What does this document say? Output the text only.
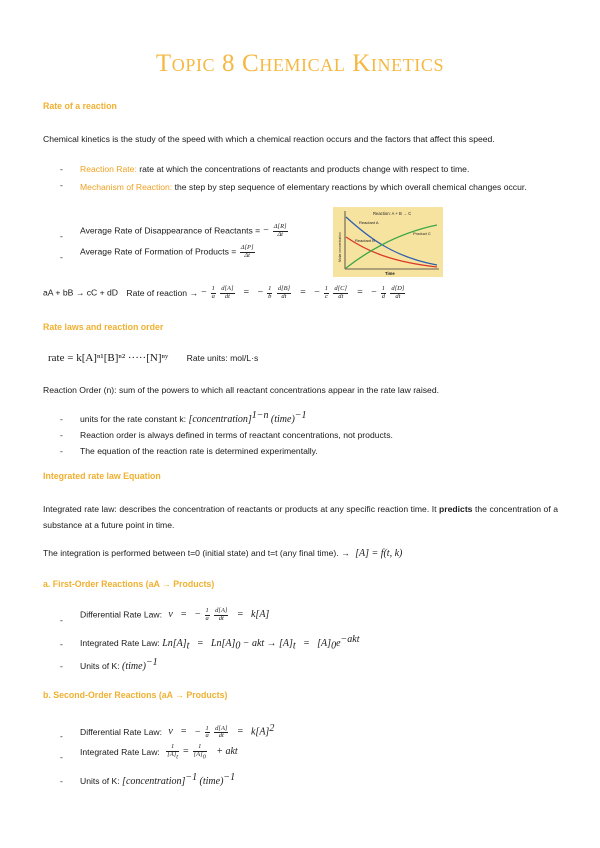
Topic 8 Chemical Kinetics
Rate of a reaction
Chemical kinetics is the study of the speed with which a chemical reaction occurs and the factors that affect this speed.
- Reaction Rate: rate at which the concentrations of reactants and products change with respect to time.
- Mechanism of Reaction: the step by step sequence of elementary reactions by which overall chemical changes occur.
-
Average Rate of Disappearance of Reactants = − $\frac{\Delta[R]}{\Delta t}$
-
Average Rate of Formation of Products = $\frac{\Delta[P]}{\Delta t}$
Reaction: A + B → C
Reactant A
Reactant B
Product C
Time
Molar concentration
aA + bB → cC + dD Rate of reaction → − $\frac{1}{a}$
$\frac{d[A]}{dt}$ = − $\frac{1}{b}$
$\frac{d[B]}{dt}$ = − $\frac{1}{c}$
$\frac{d[C]}{dt}$ = − $\frac{1}{d}$
$\frac{d[D]}{dt}$
Rate laws and reaction order
rate = k[A]ⁿ¹[B]ⁿ² ·····[N]ⁿʸ Rate units: mol/L·s
Reaction Order (n): sum of the powers to which all reactant concentrations appear in the rate law raised.
- units for the rate constant k: [concentration]$^{1-n}$ (time)$^{-1}$
- Reaction order is always defined in terms of reactant concentrations, not products.
- The equation of the reaction rate is determined experimentally.
Integrated rate law Equation
Integrated rate law: describes the concentration of reactants or products at any specific reaction time. It predicts the concentration of a substance at a future point in time.
The integration is performed between t=0 (initial state) and t=t (any final time). → [A] = f(t, k)
a. First-Order Reactions (aA → Products)
-
Differential Rate Law: v = − $\frac{1}{a}$
$\frac{d[A]}{dt} = k[A]$
- Integrated Rate Law: $Ln[A]_t = Ln[A]_0$ − akt → $[A]_t = [A]_0e^{-akt}$
- Units of K: (time)$^{-1}$
b. Second-Order Reactions (aA → Products)
- Differential Rate Law: v = − $\frac{1}{a}$
$\frac{d[A]}{dt} = k[A]^2$
-
Integrated Rate Law: $\frac{1}{[A]_t} = \frac{1}{[A]_0}$ + akt
- Units of K: [concentration]$^{-1}$ (time)$^{-1}$
